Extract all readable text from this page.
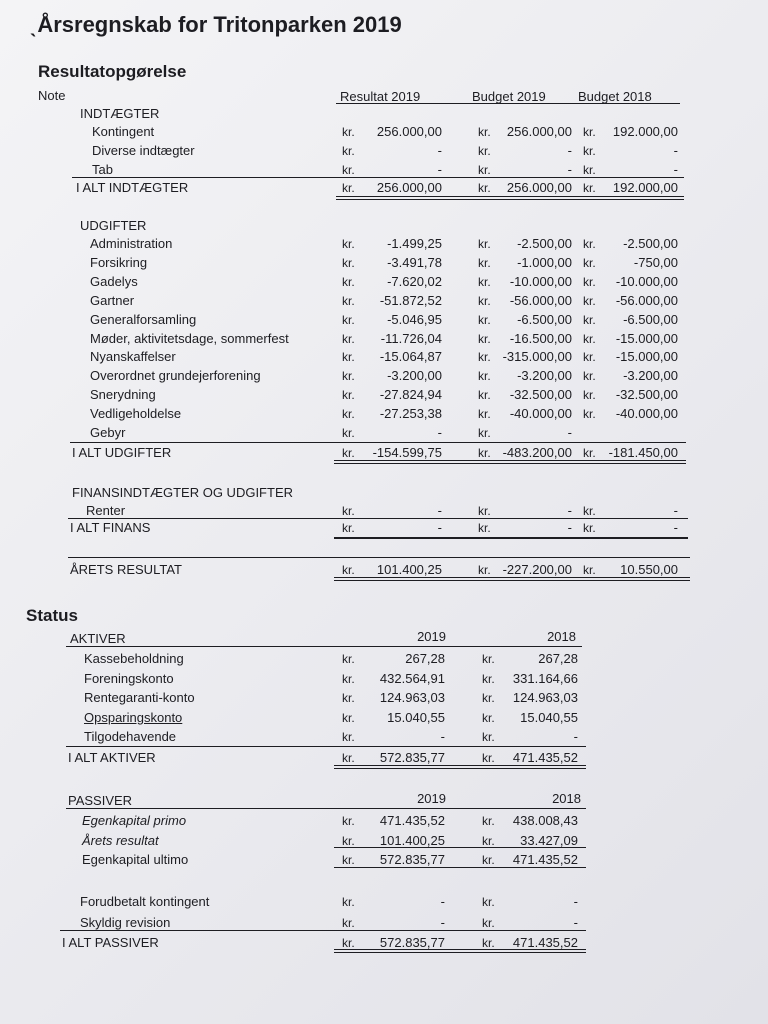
ˎÅrsregnskab for Tritonparken 2019
Resultatopgørelse
Note	Resultat 2019	Budget 2019 Budget 2018
INDTÆGTER
UDGIFTER
FINANSINDTÆGTER OG UDGIFTER
Status
AKTIVER	2019	2018
PASSIVER	2019	2018
Kontingent	kr.	256.000,00	kr.	256.000,00 kr.	192.000,00
Diverse indtægter	kr.	-	kr.	- kr.	-
Tab	kr.	-	kr.	- kr.	-
I ALT INDTÆGTER	kr.	256.000,00	kr.	256.000,00 kr.	192.000,00
Administration	kr.	-1.499,25	kr.	-2.500,00 kr.	-2.500,00
Forsikring	kr.	-3.491,78	kr.	-1.000,00 kr.	-750,00
Gadelys	kr.	-7.620,02	kr.	-10.000,00 kr.	-10.000,00
Gartner	kr.	-51.872,52	kr.	-56.000,00 kr.	-56.000,00
Generalforsamling	kr.	-5.046,95	kr.	-6.500,00 kr.	-6.500,00
Møder, aktivitetsdage, sommerfest	kr.	-11.726,04	kr.	-16.500,00 kr.	-15.000,00
Nyanskaffelser	kr.	-15.064,87	kr. -315.000,00 kr.	-15.000,00
Overordnet grundejerforening	kr.	-3.200,00	kr.	-3.200,00 kr.	-3.200,00
Snerydning	kr.	-27.824,94	kr.	-32.500,00 kr.	-32.500,00
Vedligeholdelse	kr.	-27.253,38	kr.	-40.000,00 kr.	-40.000,00
Gebyr	kr.	-	kr.	-
I ALT UDGIFTER	kr.	-154.599,75	kr. -483.200,00 kr. -181.450,00
Renter	kr.	-	kr.	- kr.	-
I ALT FINANS	kr.	-	kr.	- kr.	-
ÅRETS RESULTAT	kr.	101.400,25	kr. -227.200,00 kr.	10.550,00
Kassebeholdning	kr.	267,28	kr.	267,28
Foreningskonto	kr.	432.564,91	kr.	331.164,66
Rentegaranti-konto	kr.	124.963,03	kr.	124.963,03
Opsparingskonto	kr.	15.040,55	kr.	15.040,55
Tilgodehavende	kr.	-	kr.	-
I ALT AKTIVER	kr.	572.835,77	kr.	471.435,52
Egenkapital primo	kr.	471.435,52	kr.	438.008,43
Årets resultat	kr.	101.400,25	kr.	33.427,09
Egenkapital ultimo	kr.	572.835,77	kr.	471.435,52
Forudbetalt kontingent	kr.	-	kr.	-
Skyldig revision	kr.	-	kr.	-
I ALT PASSIVER	kr.	572.835,77	kr.	471.435,52
